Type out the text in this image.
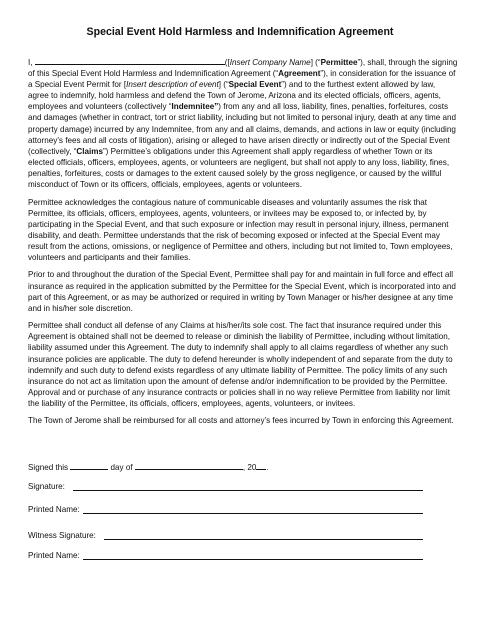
Special Event Hold Harmless and Indemnification Agreement

I,	([Insert Company Name] (“Permittee”), shall, through the signing of this Special Event Hold Harmless and Indemnification Agreement (“Agreement”), in consideration for the issuance of a Special Event Permit for [Insert description of event] (“Special Event”) and to the furthest extent allowed by law, agree to indemnify, hold harmless and defend the Town of Jerome, Arizona and its elected officials, officers, agents, employees and volunteers (collectively “Indemnitee”) from any and all loss, liability, fines, penalties, forfeitures, costs and damages (whether in contract, tort or strict liability, including but not limited to personal injury, death at any time and property damage) incurred by any Indemnitee, from any and all claims, demands, and actions in law or equity (including attorney’s fees and all costs of litigation), arising or alleged to have arisen directly or indirectly out of the Special Event (collectively, “Claims”) Permittee’s obligations under this Agreement shall apply regardless of whether Town or its elected officials, officers, employees, agents, or volunteers are negligent, but shall not apply to any loss, liability, fines, penalties, forfeitures, costs or damages to the extent caused solely by the gross negligence, or caused by the willful misconduct of Town or its officers, officials, employees, agents or volunteers.

Permittee acknowledges the contagious nature of communicable diseases and voluntarily assumes the risk that Permittee, its officials, officers, employees, agents, volunteers, or invitees may be exposed to, or infected by, by participating in the Special Event, and that such exposure or infection may result in personal injury, illness, permanent disability, and death. Permittee understands that the risk of becoming exposed or infected at the Special Event may result from the actions, omissions, or negligence of Permittee and others, including but not limited to, Town employees, volunteers and participants and their families.

Prior to and throughout the duration of the Special Event, Permittee shall pay for and maintain in full force and effect all insurance as required in the application submitted by the Permittee for the Special Event, which is incorporated into and part of this Agreement, or as may be authorized or required in writing by Town Manager or his/her designee at any time and in his/her sole discretion.

Permittee shall conduct all defense of any Claims at his/her/its sole cost. The fact that insurance required under this Agreement is obtained shall not be deemed to release or diminish the liability of Permittee, including without limitation, liability assumed under this Agreement. The duty to indemnify shall apply to all claims regardless of whether any such insurance policies are applicable. The duty to defend hereunder is wholly independent of and separate from the duty to indemnify and such duty to defend exists regardless of any ultimate liability of Permittee. The policy limits of any such insurance do not act as limitation upon the amount of defense and/or indemnification to be provided by the Permittee. Approval and or purchase of any insurance contracts or policies shall in no way relieve Permittee from liability nor limit the liability of the Permittee, its officials, officers, employees, agents, volunteers, or invitees.

The Town of Jerome shall be reimbursed for all costs and attorney’s fees incurred by Town in enforcing this Agreement.

Signed this	day of	, 20 .
Signature:
Printed Name:
Witness Signature:
Printed Name:
